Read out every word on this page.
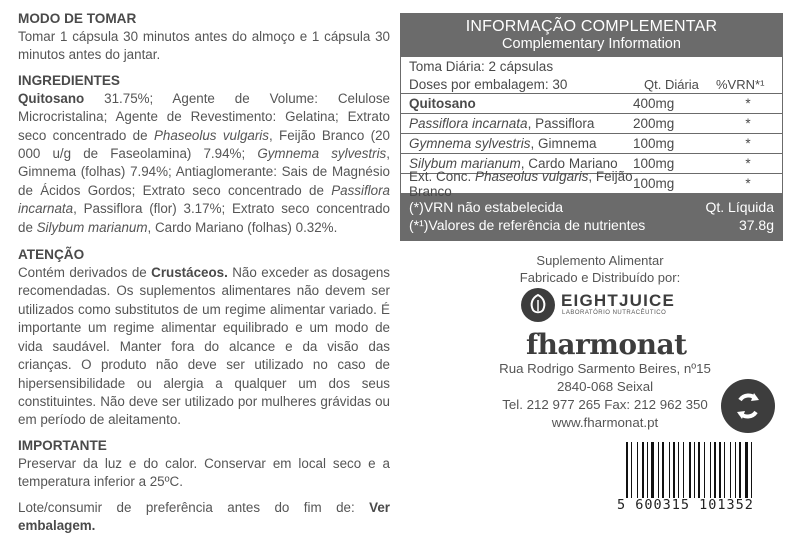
MODO DE TOMAR

Tomar 1 cápsula 30 minutos antes do almoço e 1 cápsula 30 minutos antes do jantar.

INGREDIENTES

Quitosano 31.75%; Agente de Volume: Celulose Microcristalina; Agente de Revestimento: Gelatina; Extrato seco concentrado de Phaseolus vulgaris, Feijão Branco (20 000 u/g de Faseolamina) 7.94%; Gymnema sylvestris, Gimnema (folhas) 7.94%; Antiaglomerante: Sais de Magnésio de Ácidos Gordos; Extrato seco concentrado de Passiflora incarnata, Passiflora (flor) 3.17%; Extrato seco concentrado de Silybum marianum, Cardo Mariano (folhas) 0.32%.

ATENÇÃO

Contém derivados de Crustáceos. Não exceder as dosagens recomendadas. Os suplementos alimentares não devem ser utilizados como substitutos de um regime alimentar variado. É importante um regime alimentar equilibrado e um modo de vida saudável. Manter fora do alcance e da visão das crianças. O produto não deve ser utilizado no caso de hipersensibilidade ou alergia a qualquer um dos seus constituintes. Não deve ser utilizado por mulheres grávidas ou em período de aleitamento.

IMPORTANTE

Preservar da luz e do calor. Conservar em local seco e a temperatura inferior a 25ºC.

Lote/consumir de preferência antes do fim de: Ver embalagem.

INFORMAÇÃO COMPLEMENTAR
Complementary Information
Toma Diária: 2 cápsulas
Doses por embalagem: 30	Qt. Diária	%VRN*¹
Quitosano	400mg	*
Passiflora incarnata, Passiflora	200mg	*
Gymnema sylvestris, Gimnema	100mg	*
Silybum marianum, Cardo Mariano	100mg	*
Ext. Conc. Phaseolus vulgaris, Feijão Branco	100mg	*
(*)VRN não estabelecida
(*¹)Valores de referência de nutrientes
Qt. Líquida
37.8g
Suplemento Alimentar
Fabricado e Distribuído por:
EIGHTJUICE
LABORATÓRIO NUTRACÊUTICO
fharmonat
Rua Rodrigo Sarmento Beires, nº15
2840-068 Seixal
Tel. 212 977 265 Fax: 212 962 350
www.fharmonat.pt
5 600315 101352
